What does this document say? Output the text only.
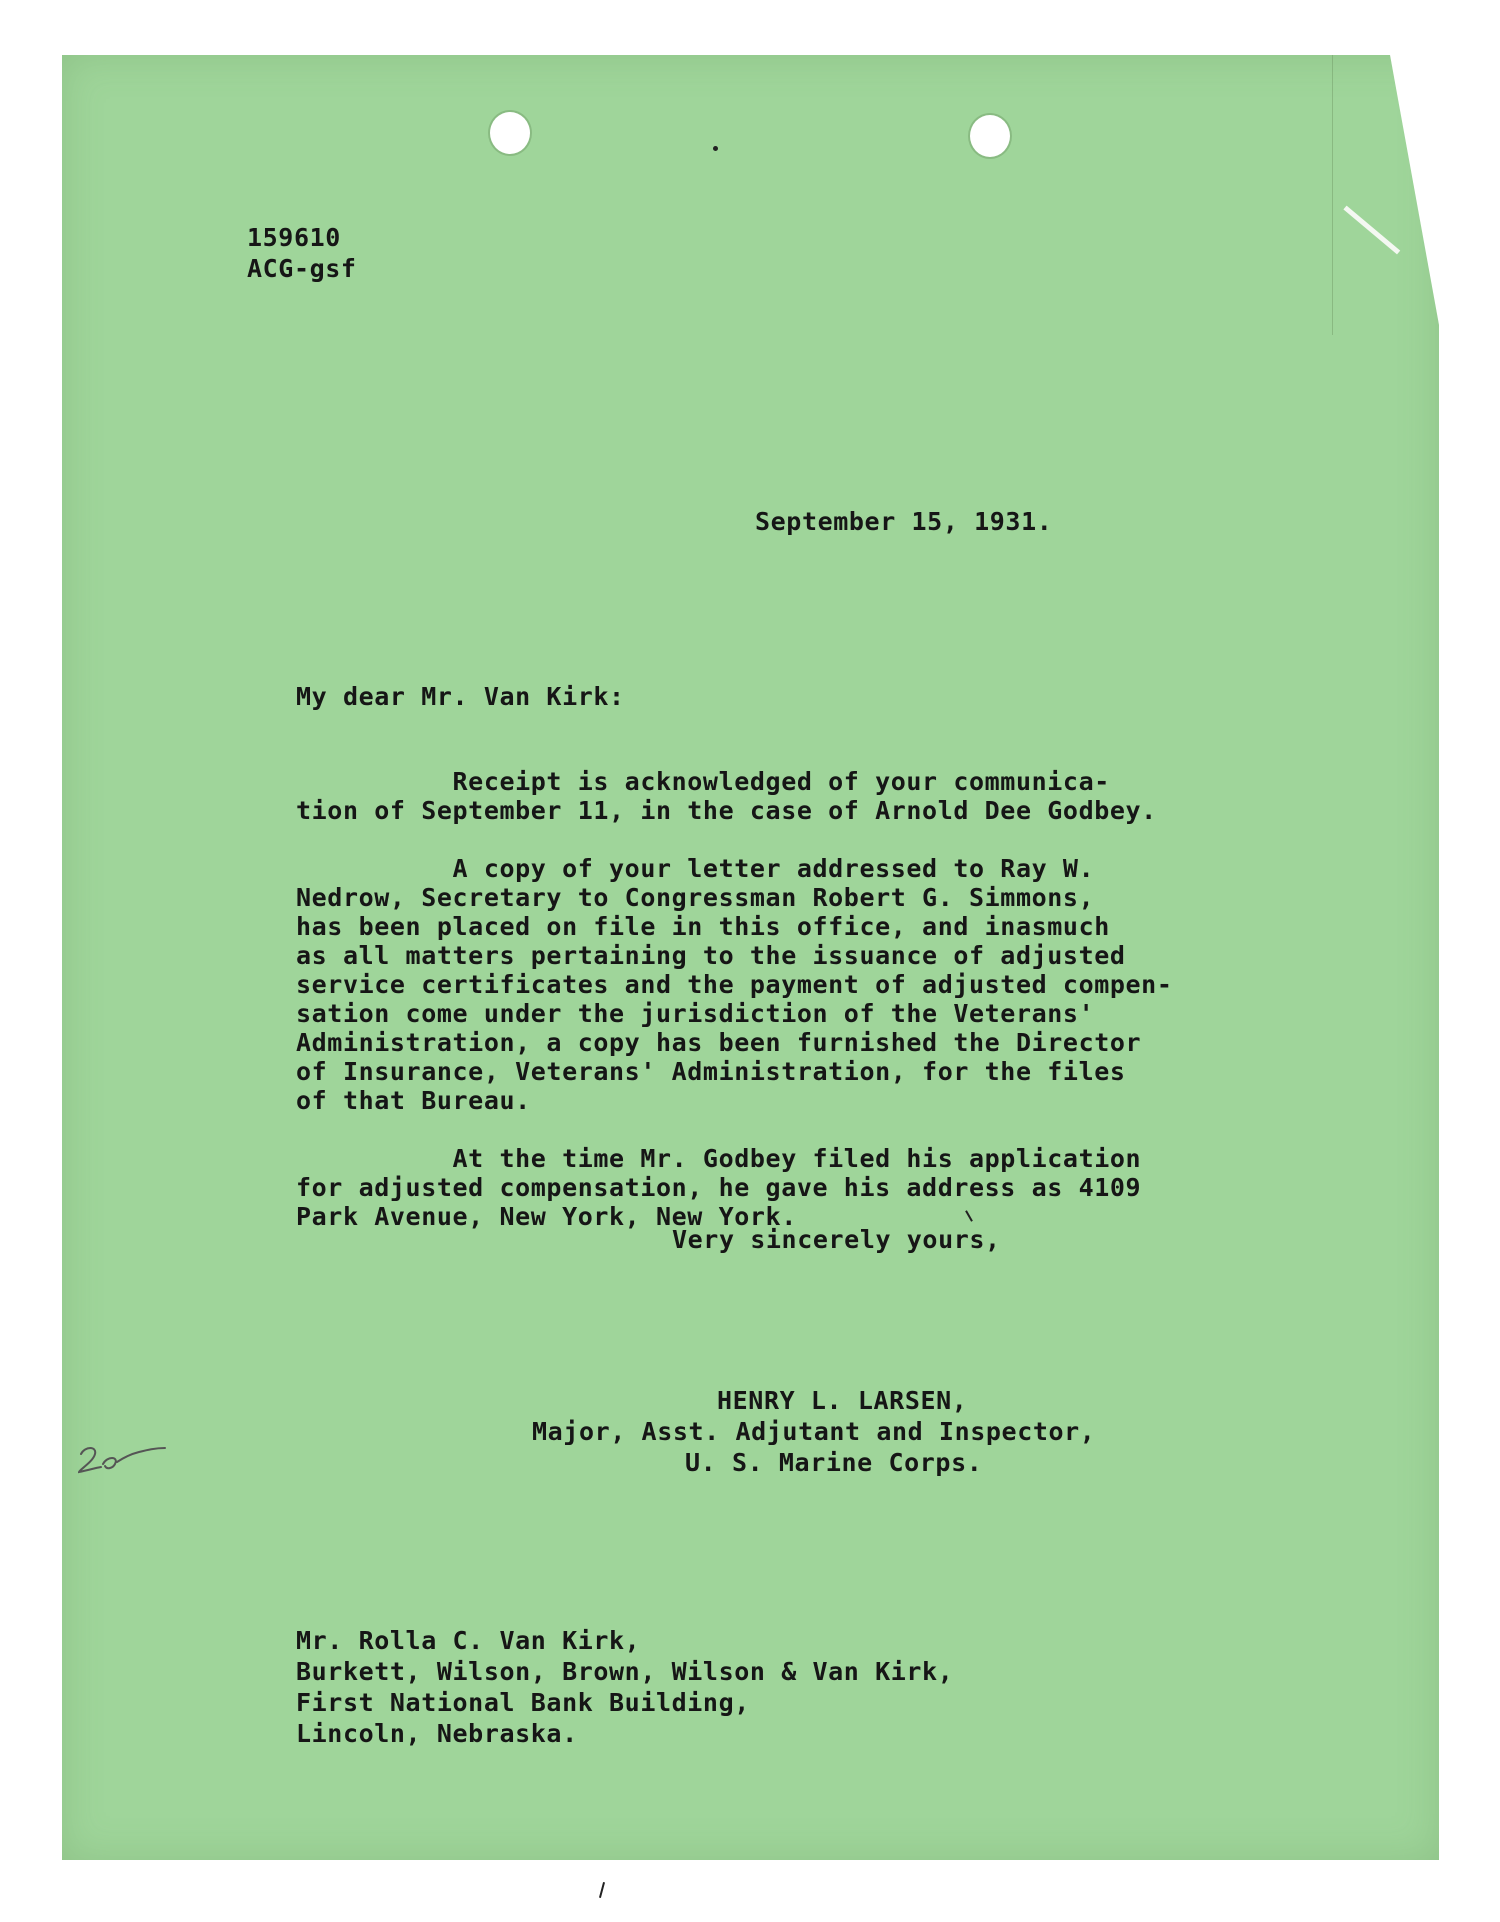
159610
ACG-gsf

September 15, 1931.

My dear Mr. Van Kirk:

Receipt is acknowledged of your communica-
tion of September 11, in the case of Arnold Dee Godbey.

A copy of your letter addressed to Ray W.
Nedrow, Secretary to Congressman Robert G. Simmons,
has been placed on file in this office, and inasmuch
as all matters pertaining to the issuance of adjusted
service certificates and the payment of adjusted compen-
sation come under the jurisdiction of the Veterans'
Administration, a copy has been furnished the Director
of Insurance, Veterans' Administration, for the files
of that Bureau.

At the time Mr. Godbey filed his application
for adjusted compensation, he gave his address as 4109
Park Avenue, New York, New York.

Very sincerely yours,

HENRY L. LARSEN,
Major, Asst. Adjutant and Inspector,
U. S. Marine Corps.
Mr. Rolla C. Van Kirk,
Burkett, Wilson, Brown, Wilson & Van Kirk,
First National Bank Building,
Lincoln, Nebraska.
